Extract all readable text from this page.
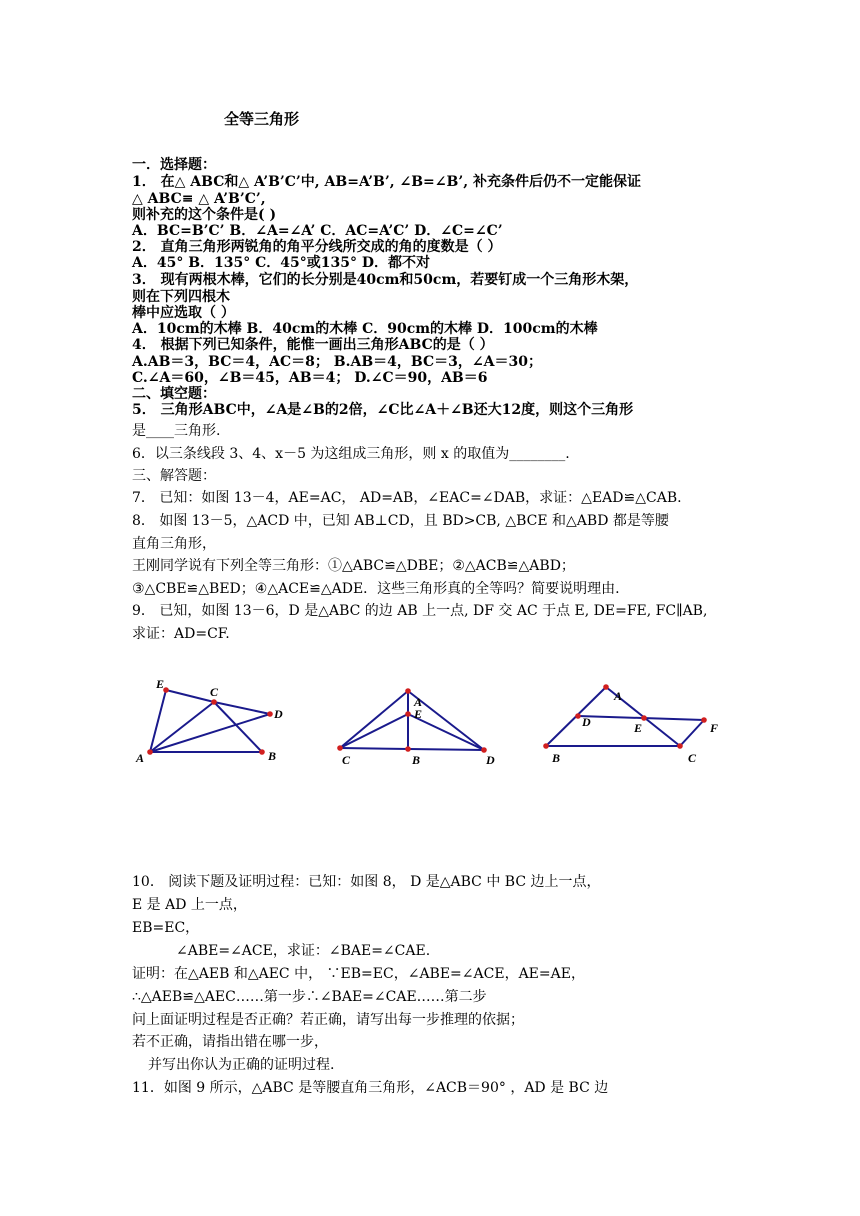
全等三角形
一．选择题：
1． 在△ ABC和△ A’B’C’中, AB=A’B’, ∠B=∠B’, 补充条件后仍不一定能保证
△ ABC≡ △ A’B’C’,
则补充的这个条件是( )
A．BC=B’C’ B．∠A=∠A’ C．AC=A’C’ D．∠C=∠C’
2． 直角三角形两锐角的角平分线所交成的角的度数是（ ）
A．45° B．135° C．45°或135° D．都不对
3． 现有两根木棒，它们的长分别是40cm和50cm，若要钉成一个三角形木架，
则在下列四根木
棒中应选取（ ）
A．10cm的木棒 B．40cm的木棒 C．90cm的木棒 D．100cm的木棒
4． 根据下列已知条件，能惟一画出三角形ABC的是（ ）
A.AB＝3，BC＝4，AC＝8； B.AB＝4，BC＝3，∠A＝30；
C.∠A＝60，∠B＝45，AB＝4； D.∠C＝90，AB＝6
二、填空题：
5． 三角形ABC中，∠A是∠B的2倍，∠C比∠A＋∠B还大12度，则这个三角形
是____三角形.
6．以三条线段 3、4、x－5 为这组成三角形，则 x 的取值为________.
三、解答题：
7． 已知：如图 13－4，AE=AC， AD=AB，∠EAC=∠DAB，求证：△EAD≌△CAB.
8． 如图 13－5，△ACD 中，已知 AB⊥CD，且 BD>CB, △BCE 和△ABD 都是等腰
直角三角形，
王刚同学说有下列全等三角形：①△ABC≌△DBE；②△ACB≌△ABD；
③△CBE≌△BED；④△ACE≌△ADE．这些三角形真的全等吗？简要说明理由.
9． 已知，如图 13－6，D 是△ABC 的边 AB 上一点, DF 交 AC 于点 E, DE=FE, FC∥AB,
求证：AD=CF.
E
C
D
A	B
A
E
C	B	D
A
D	E	F
B	C
10． 阅读下题及证明过程：已知：如图 8， D 是△ABC 中 BC 边上一点，
E 是 AD 上一点，
EB=EC，
∠ABE=∠ACE，求证：∠BAE=∠CAE.
证明：在△AEB 和△AEC 中， ∵EB=EC，∠ABE=∠ACE，AE=AE，
∴△AEB≌△AEC……第一步∴∠BAE=∠CAE……第二步
问上面证明过程是否正确？若正确，请写出每一步推理的依据；
若不正确，请指出错在哪一步，
并写出你认为正确的证明过程.
11．如图 9 所示，△ABC 是等腰直角三角形，∠ACB＝90° ，AD 是 BC 边
